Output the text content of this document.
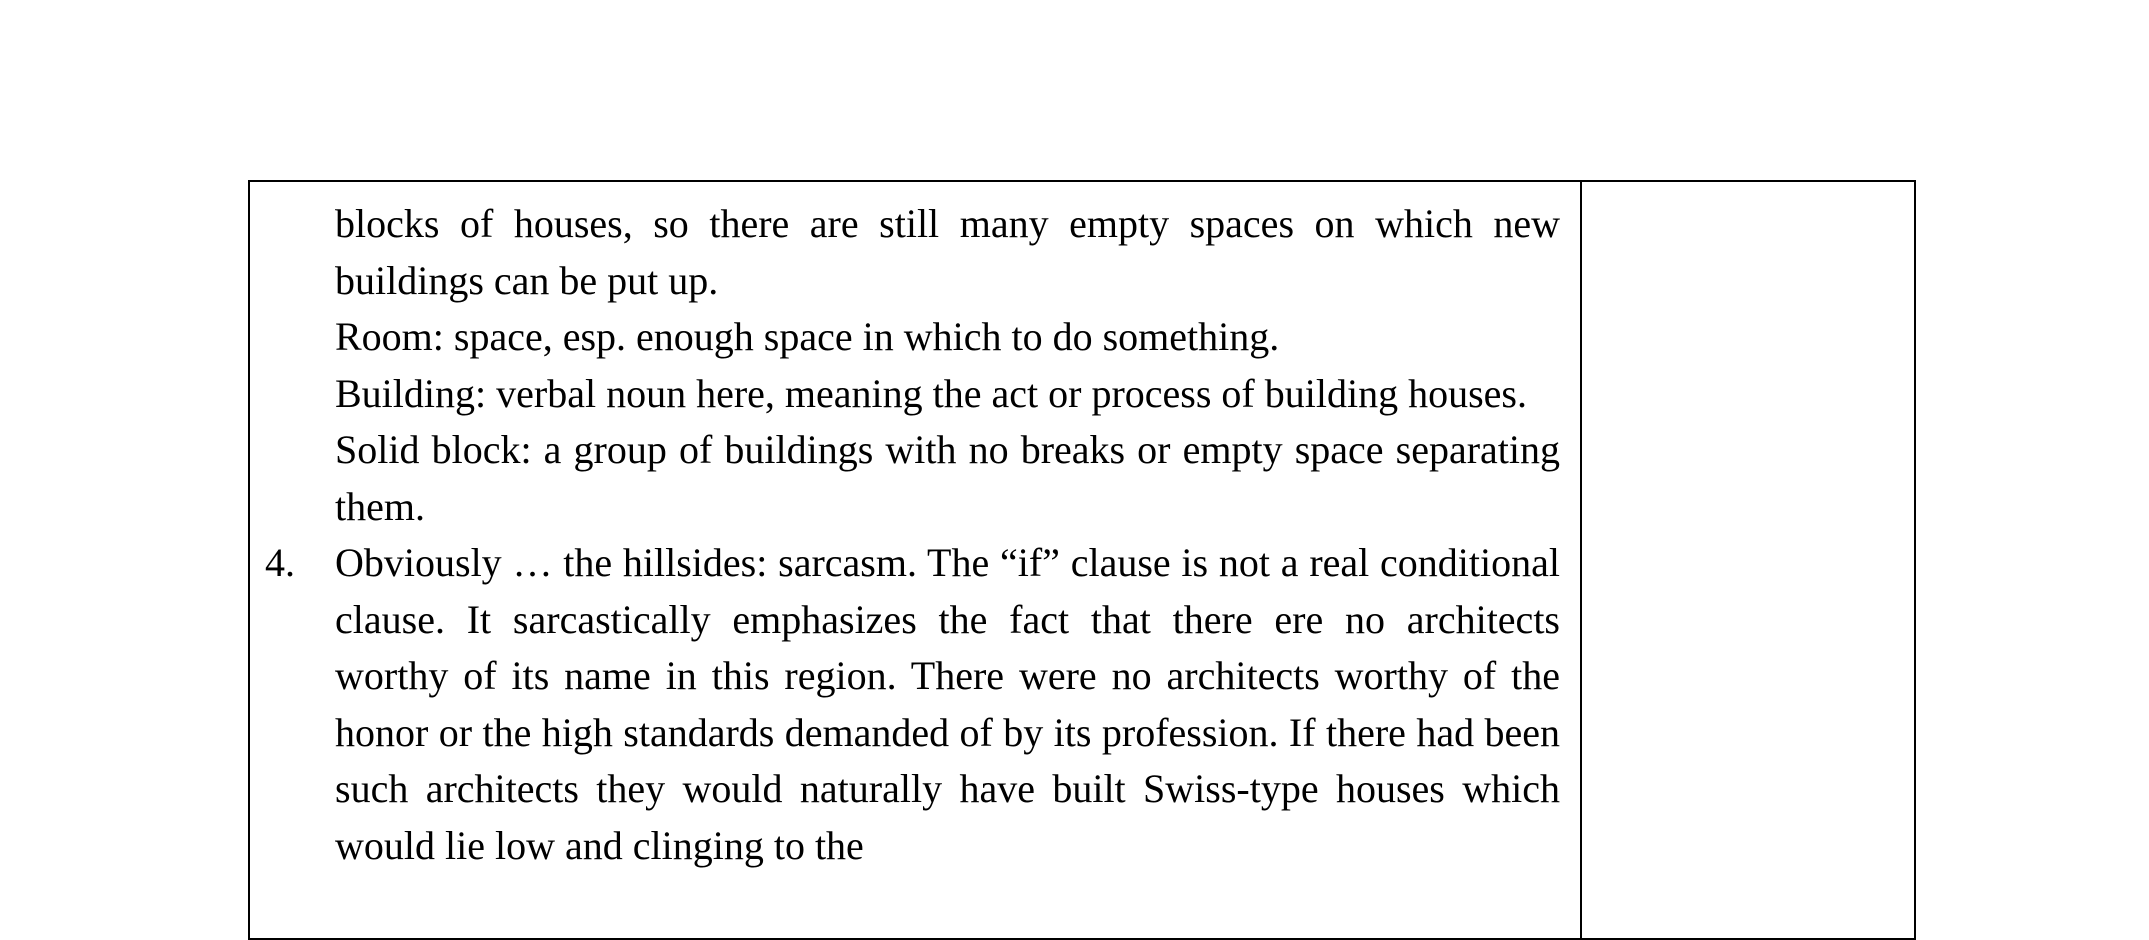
blocks of houses, so there are still many empty spaces on which new buildings can be put up.
Room: space, esp. enough space in which to do something.
Building: verbal noun here, meaning the act or process of building houses.
Solid block: a group of buildings with no breaks or empty space separating them.
4. Obviously … the hillsides: sarcasm. The “if” clause is not a real conditional clause. It sarcastically emphasizes the fact that there ere no architects worthy of its name in this region. There were no architects worthy of the honor or the high standards demanded of by its profession. If there had been such architects they would naturally have built Swiss-type houses which would lie low and clinging to the
